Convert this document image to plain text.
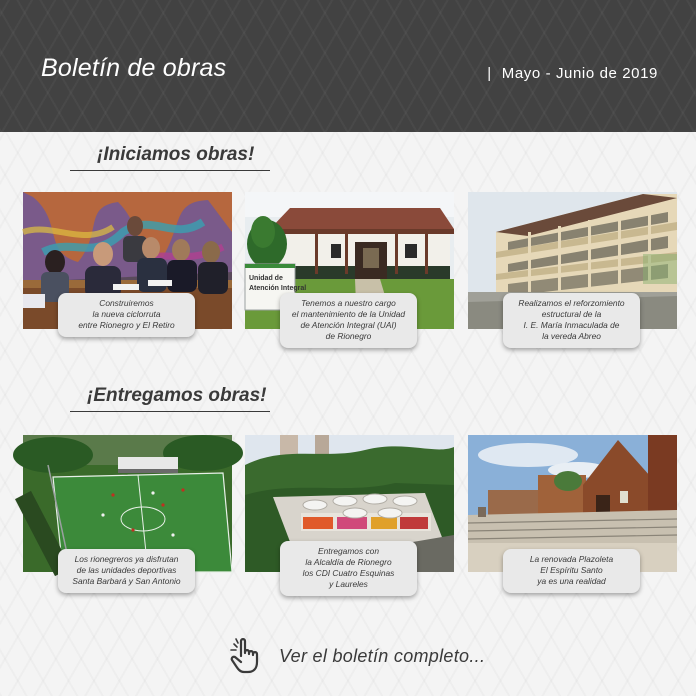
Boletín de obras	| Mayo - Junio de 2019
¡Iniciamos obras!
Construiremos
la nueva ciclorruta
entre Rionegro y El Retiro
Unidad de
Atención Integral
Tenemos a nuestro cargo
el mantenimiento de la Unidad
de Atención Integral (UAI)
de Rionegro
Realizamos el reforzomiento
estructural de la
I. E. María Inmaculada de
la vereda Abreo
¡Entregamos obras!
Los rionegreros ya disfrutan
de las unidades deportivas
Santa Barbará y San Antonio
Entregamos con
la Alcaldía de Rionegro
los CDI Cuatro Esquinas
y Laureles
La renovada Plazoleta
El Espíritu Santo
ya es una realidad
Ver el boletín completo...
